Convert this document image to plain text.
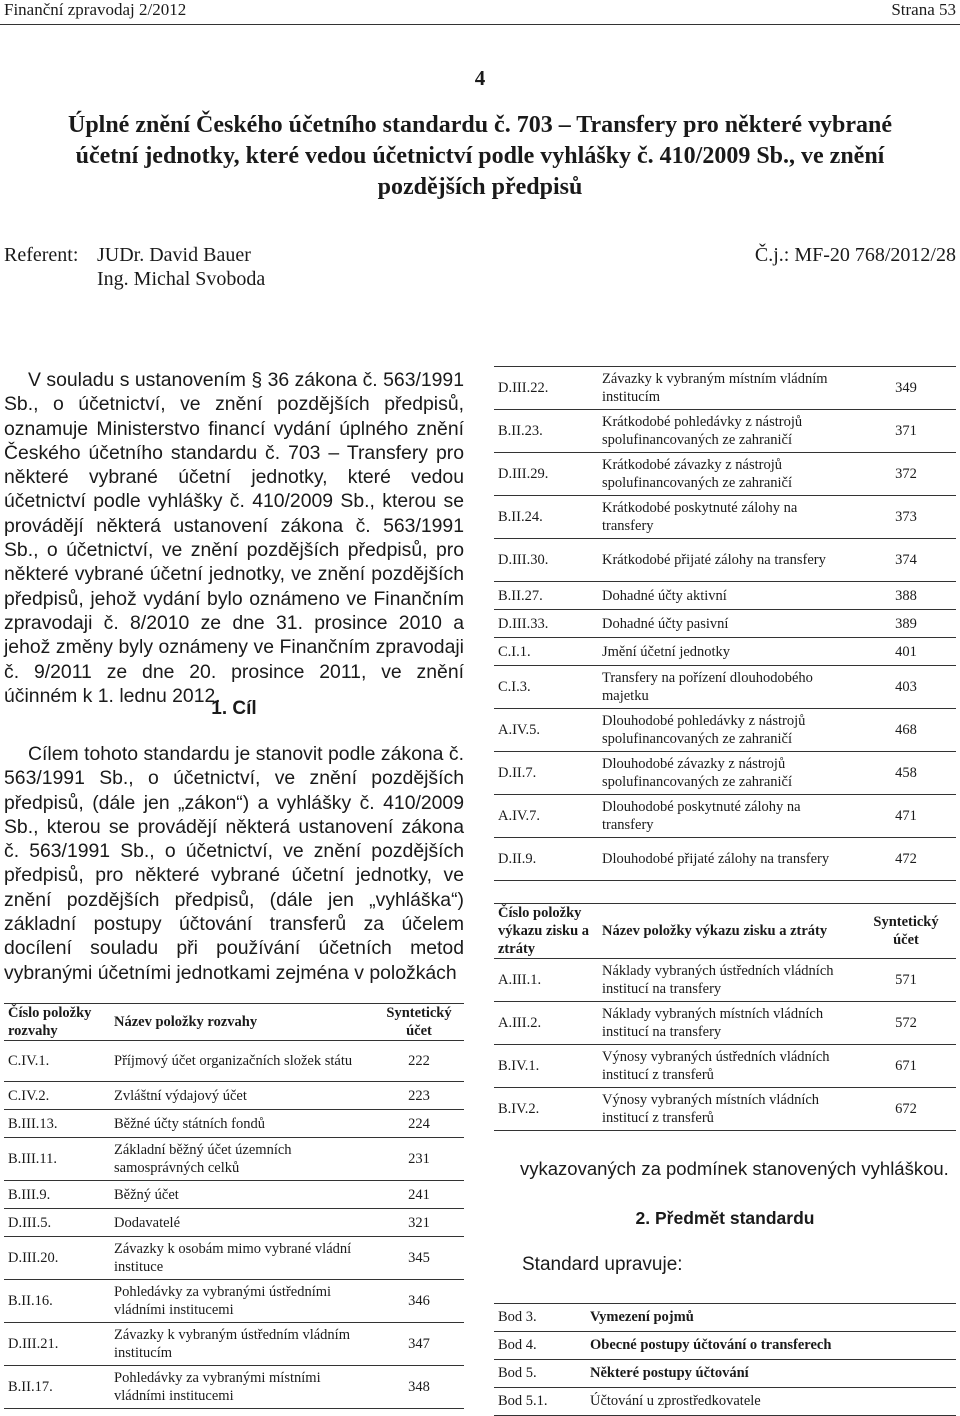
Finanční zpravodaj 2/2012	Strana 53
4
Úplné znění Českého účetního standardu č. 703 – Transfery pro některé vybrané účetní jednotky, které vedou účetnictví podle vyhlášky č. 410/2009 Sb., ve znění pozdějších předpisů
Referent: JUDr. David Bauer
Ing. Michal Svoboda
Č.j.: MF-20 768/2012/28

V souladu s ustanovením § 36 zákona č. 563/1991 Sb., o účetnictví, ve znění pozdějších předpisů, oznamuje Ministerstvo financí vydání úplného znění Českého účetního standardu č. 703 – Transfery pro některé vybrané účetní jednotky, které vedou účetnictví podle vyhlášky č. 410/2009 Sb., kterou se provádějí některá ustanovení zákona č. 563/1991 Sb., o účetnictví, ve znění pozdějších předpisů, pro některé vybrané účetní jednotky, ve znění pozdějších předpisů, jehož vydání bylo oznámeno ve Finančním zpravodaji č. 8/2010 ze dne 31. prosince 2010 a jehož změny byly oznámeny ve Finančním zpravodaji č. 9/2011 ze dne 20. prosince 2011, ve znění účinném k 1. lednu 2012.

1. Cíl

Cílem tohoto standardu je stanovit podle zákona č. 563/1991 Sb., o účetnictví, ve znění pozdějších předpisů, (dále jen „zákon“) a vyhlášky č. 410/2009 Sb., kterou se provádějí některá ustanovení zákona č. 563/1991 Sb., o účetnictví, ve znění pozdějších předpisů, pro některé vybrané účetní jednotky, ve znění pozdějších předpisů, (dále jen „vyhláška“) základní postupy účtování transferů za účelem docílení souladu při používání účetních metod vybranými účetními jednotkami zejména v položkách

Číslo položky rozvahy	Název položky rozvahy	Syntetický účet
C.IV.1.	Příjmový účet organizačních složek státu	222
C.IV.2.	Zvláštní výdajový účet	223
B.III.13.	Běžné účty státních fondů	224
B.III.11.	Základní běžný účet územních samosprávných celků	231
B.III.9.	Běžný účet	241
D.III.5.	Dodavatelé	321
D.III.20.	Závazky k osobám mimo vybrané vládní instituce	345
B.II.16.	Pohledávky za vybranými ústředními vládními institucemi	346
D.III.21.	Závazky k vybraným ústředním vládním institucím	347
B.II.17.	Pohledávky za vybranými místními vládními institucemi	348
D.III.22.	Závazky k vybraným místním vládním institucím	349
B.II.23.	Krátkodobé pohledávky z nástrojů spolufinancovaných ze zahraničí	371
D.III.29.	Krátkodobé závazky z nástrojů spolufinancovaných ze zahraničí	372
B.II.24.	Krátkodobé poskytnuté zálohy na transfery	373
D.III.30.	Krátkodobé přijaté zálohy na transfery	374
B.II.27.	Dohadné účty aktivní	388
D.III.33.	Dohadné účty pasivní	389
C.I.1.	Jmění účetní jednotky	401
C.I.3.	Transfery na pořízení dlouhodobého majetku	403
A.IV.5.	Dlouhodobé pohledávky z nástrojů spolufinancovaných ze zahraničí	468
D.II.7.	Dlouhodobé závazky z nástrojů spolufinancovaných ze zahraničí	458
A.IV.7.	Dlouhodobé poskytnuté zálohy na transfery	471
D.II.9.	Dlouhodobé přijaté zálohy na transfery	472
Číslo položky výkazu zisku a ztráty	Název položky výkazu zisku a ztráty	Syntetický účet
A.III.1.	Náklady vybraných ústředních vládních institucí na transfery	571
A.III.2.	Náklady vybraných místních vládních institucí na transfery	572
B.IV.1.	Výnosy vybraných ústředních vládních institucí z transferů	671
B.IV.2.	Výnosy vybraných místních vládních institucí z transferů	672
vykazovaných za podmínek stanovených vyhláškou.
2. Předmět standardu
Standard upravuje:
Bod 3.	Vymezení pojmů
Bod 4.	Obecné postupy účtování o transferech
Bod 5.	Některé postupy účtování
Bod 5.1.	Účtování u zprostředkovatele
